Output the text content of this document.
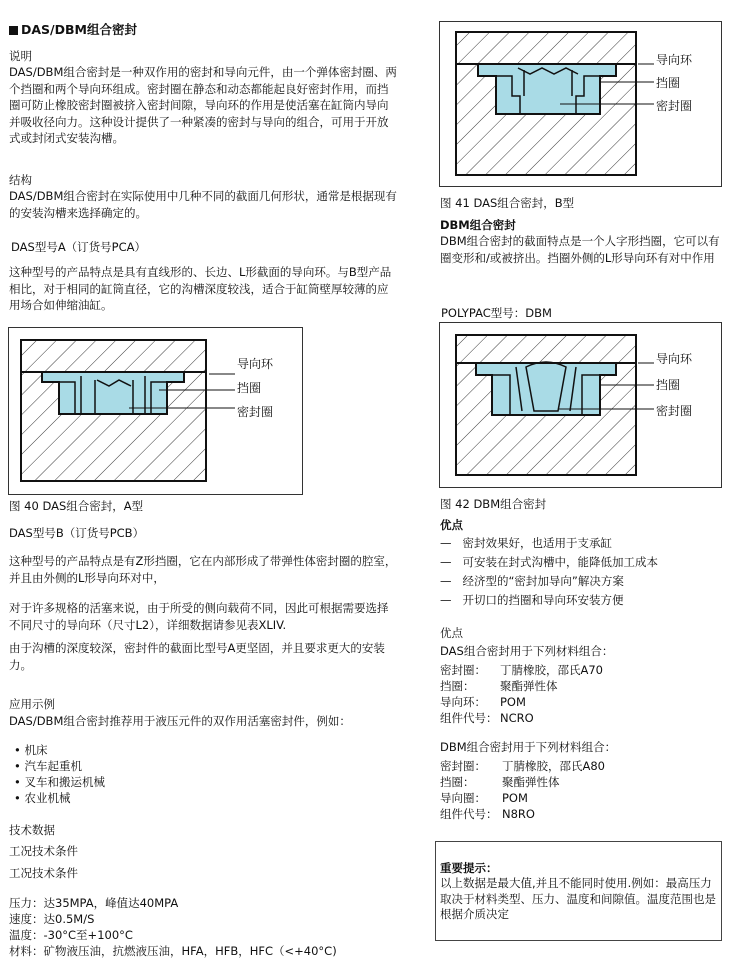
DAS/DBM组合密封
说明
DAS/DBM组合密封是一种双作用的密封和导向元件，由一个弹体密封圈、两个挡圈和两个导向环组成。密封圈在静态和动态都能起良好密封作用，而挡圈可防止橡胶密封圈被挤入密封间隙，导向环的作用是使活塞在缸筒内导向并吸收径向力。这种设计提供了一种紧凑的密封与导向的组合，可用于开放式或封闭式安装沟槽。
结构
DAS/DBM组合密封在实际使用中几种不同的截面几何形状，通常是根据现有的安装沟槽来选择确定的。
DAS型号A（订货号PCA）
这种型号的产品特点是具有直线形的、长边、L形截面的导向环。与B型产品相比，对于相同的缸筒直径，它的沟槽深度较浅，适合于缸筒壁厚较薄的应用场合如伸缩油缸。
导向环
挡圈
密封圈
图 40 DAS组合密封，A型
DAS型号B（订货号PCB）
这种型号的产品特点是有Z形挡圈，它在内部形成了带弹性体密封圈的腔室，并且由外侧的L形导向环对中，
对于许多规格的活塞来说，由于所受的侧向载荷不同，因此可根据需要选择不同尺寸的导向环（尺寸L2），详细数据请参见表XLIV.
由于沟槽的深度较深，密封件的截面比型号A更坚固，并且要求更大的安装力。
应用示例
DAS/DBM组合密封推荐用于液压元件的双作用活塞密封件，例如：
• 机床
• 汽车起重机
• 叉车和搬运机械
• 农业机械
技术数据
工况技术条件
工况技术条件
压力：达35MPA，峰值达40MPA
速度：达0.5M/S
温度：-30°C至+100°C
材料：矿物液压油，抗燃液压油，HFA，HFB，HFC（<+40°C)
导向环
挡圈
密封圈
图 41 DAS组合密封，B型
DBM组合密封
DBM组合密封的截面特点是一个人字形挡圈，它可以有圈变形和/或被挤出。挡圈外侧的L形导向环有对中作用
POLYPAC型号：DBM
导向环
挡圈
密封圈
图 42 DBM组合密封
优点
— 密封效果好，也适用于支承缸
— 可安装在封式沟槽中，能降低加工成本
— 经济型的“密封加导向”解决方案
— 开切口的挡圈和导向环安装方便
优点
DAS组合密封用于下列材料组合：
密封圈： 丁腈橡胶，邵氏A70
挡圈： 聚酯弹性体
导向环： POM
组件代号： NCRO
DBM组合密封用于下列材料组合：
密封圈： 丁腈橡胶，邵氏A80
挡圈： 聚酯弹性体
导向圈： POM
组件代号： N8RO
重要提示：
以上数据是最大值,并且不能同时使用.例如：最高压力取决于材料类型、压力、温度和间隙值。温度范围也是根据介质决定
